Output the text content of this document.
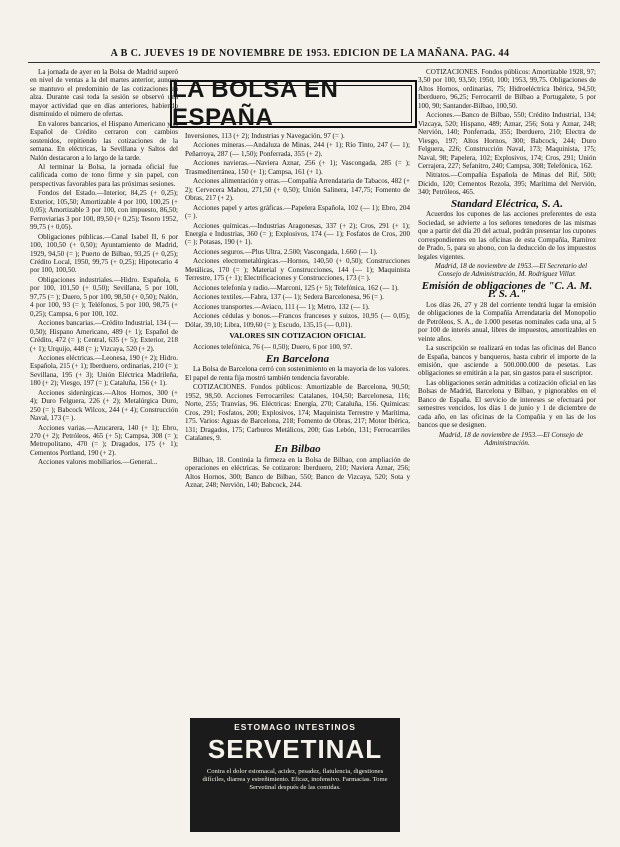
A B C. JUEVES 19 DE NOVIEMBRE DE 1953. EDICION DE LA MAÑANA. PAG. 44
LA BOLSA EN ESPAÑA

La jornada de ayer en la Bolsa de Madrid superó en nivel de ventas a la del martes anterior, aunque se mantuvo el predominio de las cotizaciones en alza. Durante casi toda la sesión se observó una mayor actividad que en días anteriores, habiendo disminuido el número de ofertas.

En valores bancarios, el Hispano Americano y el Español de Crédito cerraron con cambios sostenidos, repitiendo las cotizaciones de la semana. En eléctricas, la Sevillana y Saltos del Nalón destacaron a lo largo de la tarde.

Al terminar la Bolsa, la jornada oficial fue calificada como de tono firme y sin papel, con perspectivas favorables para las próximas sesiones.

Fondos del Estado.—Interior, 84,25 (+ 0,25); Exterior, 105,50; Amortizable 4 por 100, 100,25 (+ 0,05); Amortizable 3 por 100, con impuesto, 86,50; Ferroviarias 3 por 100, 89,50 (+ 0,25); Tesoro 1952, 99,75 (+ 0,05).

Obligaciones públicas.—Canal Isabel II, 6 por 100, 100,50 (+ 0,50); Ayuntamiento de Madrid, 1929, 94,50 (= ); Puerto de Bilbao, 93,25 (+ 0,25); Crédito Local, 1950, 99,75 (+ 0,25); Hipotecario 4 por 100, 100,50.

Obligaciones industriales.—Hidro. Española, 6 por 100, 101,50 (+ 0,50); Sevillana, 5 por 100, 97,75 (= ); Duero, 5 por 100, 98,50 (+ 0,50); Nalón, 4 por 100, 93 (= ); Teléfonos, 5 por 100, 98,75 (+ 0,25); Campsa, 6 por 100, 102.

Acciones bancarias.—Crédito Industrial, 134 (— 0,50); Hispano Americano, 489 (+ 1); Español de Crédito, 472 (= ); Central, 635 (+ 5); Exterior, 218 (+ 1); Urquijo, 448 (= ); Vizcaya, 520 (+ 2).

Acciones eléctricas.—Leonesa, 190 (+ 2); Hidro. Española, 215 (+ 1); Iberduero, ordinarias, 210 (= ); Sevillana, 195 (+ 3); Unión Eléctrica Madrileña, 180 (+ 2); Viesgo, 197 (= ); Cataluña, 156 (+ 1).

Acciones siderúrgicas.—Altos Hornos, 300 (+ 4); Duro Felguera, 226 (+ 2); Metalúrgica Duro, 250 (= ); Babcock Wilcox, 244 (+ 4); Construcción Naval, 173 (= ).

Acciones varias.—Azucarera, 140 (+ 1); Ebro, 270 (+ 2); Petróleos, 465 (+ 5); Campsa, 308 (= ); Metropolitano, 470 (= ); Dragados, 175 (+ 1); Cementos Portland, 190 (+ 2).

Acciones valores mobiliarios.—General...

Inversiones, 113 (+ 2); Industrias y Navegación, 97 (= ).

Acciones mineras.—Andaluza de Minas, 244 (+ 1); Río Tinto, 247 (— 1); Peñarroya, 287 (— 1,50); Ponferrada, 355 (+ 2).

Acciones navieras.—Naviera Aznar, 256 (+ 1); Vascongada, 285 (= ); Trasmediterránea, 150 (+ 1); Campsa, 161 (+ 1).

Acciones alimentación y otras.—Compañía Arrendataria de Tabacos, 482 (+ 2); Cervecera Mahou, 271,50 (+ 0,50); Unión Salinera, 147,75; Fomento de Obras, 217 (+ 2).

Acciones papel y artes gráficas.—Papelera Española, 102 (— 1); Ebro, 204 (= ).

Acciones químicas.—Industrias Aragonesas, 337 (+ 2); Cros, 291 (+ 1); Energía e Industrias, 360 (= ); Explosivos, 174 (— 1); Fosfatos de Cros, 200 (= ); Potasas, 190 (+ 1).

Acciones seguros.—Plus Ultra, 2.500; Vascongada, 1.660 (— 1).

Acciones electrometalúrgicas.—Hornos, 140,50 (+ 0,50); Construcciones Metálicas, 170 (= ); Material y Construcciones, 144 (— 1); Maquinista Terrestre, 175 (+ 1); Electrificaciones y Construcciones, 173 (= ).

Acciones telefonía y radio.—Marconi, 125 (+ 5); Telefónica, 162 (— 1).

Acciones textiles.—Fabra, 137 (— 1); Sedera Barcelonesa, 96 (= ).

Acciones transportes.—Aviaco, 111 (— 1); Metro, 132 (— 1).

Acciones cédulas y bonos.—Francos franceses y suizos, 10,95 (— 0,05); Dólar, 39,10; Libra, 109,60 (= ); Escudo, 135,15 (— 0,01).

VALORES SIN COTIZACION OFICIAL

Acciones telefónica, 76 (— 0,50); Duero, 6 por 100, 97.

En Barcelona

La Bolsa de Barcelona cerró con sostenimiento en la mayoría de los valores. El papel de renta fija mostró también tendencia favorable.

COTIZACIONES. Fondos públicos: Amortizable de Barcelona, 90,50; 1952, 98,50. Acciones Ferrocarriles: Catalanes, 104,50; Barcelonesa, 116; Norte, 255; Tranvías, 96. Eléctricas: Energía, 270; Cataluña, 156. Químicas: Cros, 291; Fosfatos, 200; Explosivos, 174; Maquinista Terrestre y Marítima, 175. Varios: Aguas de Barcelona, 218; Fomento de Obras, 217; Motor Ibérica, 131; Dragados, 175; Carburos Metálicos, 200; Gas Lebón, 131; Ferrocarriles Catalanes, 9.

En Bilbao

Bilbao, 18. Continúa la firmeza en la Bolsa de Bilbao, con ampliación de operaciones en eléctricas. Se cotizaron: Iberduero, 210; Naviera Aznar, 256; Altos Hornos, 300; Banco de Bilbao, 550; Banco de Vizcaya, 520; Sota y Aznar, 248; Nervión, 140; Babcock, 244.

ESTOMAGO INTESTINOS
SERVETINAL
Contra el dolor estomacal, acidez, pesadez, flatulencia, digestiones difíciles, diarrea y estreñimiento. Eficaz, inofensivo. Farmacias. Tome Servetinal después de las comidas.

COTIZACIONES. Fondos públicos: Amortizable 1928, 97; 3,50 por 100, 93,50; 1950, 100; 1953, 99,75. Obligaciones de Altos Hornos, ordinarias, 75; Hidroeléctrica Ibérica, 94,50; Iberduero, 96,25; Ferrocarril de Bilbao a Portugalete, 5 por 100, 90; Santander-Bilbao, 100,50.

Acciones.—Banco de Bilbao, 550; Crédito Industrial, 134; Vizcaya, 520; Hispano, 489; Aznar, 256; Sota y Aznar, 248; Nervión, 140; Ponferrada, 355; Iberduero, 210; Electra de Viesgo, 197; Altos Hornos, 300; Babcock, 244; Duro Felguera, 226; Construcción Naval, 173; Maquinista, 175; Naval, 98; Papelera, 102; Explosivos, 174; Cros, 291; Unión Cerrajera, 227; Sefanitro, 240; Campsa, 308; Telefónica, 162.

Nitratos.—Compañía Española de Minas del Rif, 500; Dicido, 120; Cementos Rezola, 395; Marítima del Nervión, 340; Petróleos, 465.

Standard Eléctrica, S. A.

Acuerdos los cupones de las acciones preferentes de esta Sociedad, se advierte a los señores tenedores de las mismas que a partir del día 20 del actual, podrán presentar los cupones correspondientes en las oficinas de esta Compañía, Ramírez de Prado, 5, para su abono, con la deducción de los impuestos legales vigentes.

Madrid, 18 de noviembre de 1953.—El Secretario del Consejo de Administración, M. Rodríguez Villar.

Emisión de obligaciones de "C. A. M. P. S. A."

Los días 26, 27 y 28 del corriente tendrá lugar la emisión de obligaciones de la Compañía Arrendataria del Monopolio de Petróleos, S. A., de 1.000 pesetas nominales cada una, al 5 por 100 de interés anual, libres de impuestos, amortizables en veinte años.

La suscripción se realizará en todas las oficinas del Banco de España, bancos y banqueros, hasta cubrir el importe de la emisión, que asciende a 500.000.000 de pesetas. Las obligaciones se emitirán a la par, sin gastos para el suscriptor.

Las obligaciones serán admitidas a cotización oficial en las Bolsas de Madrid, Barcelona y Bilbao, y pignorables en el Banco de España. El servicio de intereses se efectuará por semestres vencidos, los días 1 de junio y 1 de diciembre de cada año, en las oficinas de la Compañía y en las de los bancos que se designen.

Madrid, 18 de noviembre de 1953.—El Consejo de Administración.
